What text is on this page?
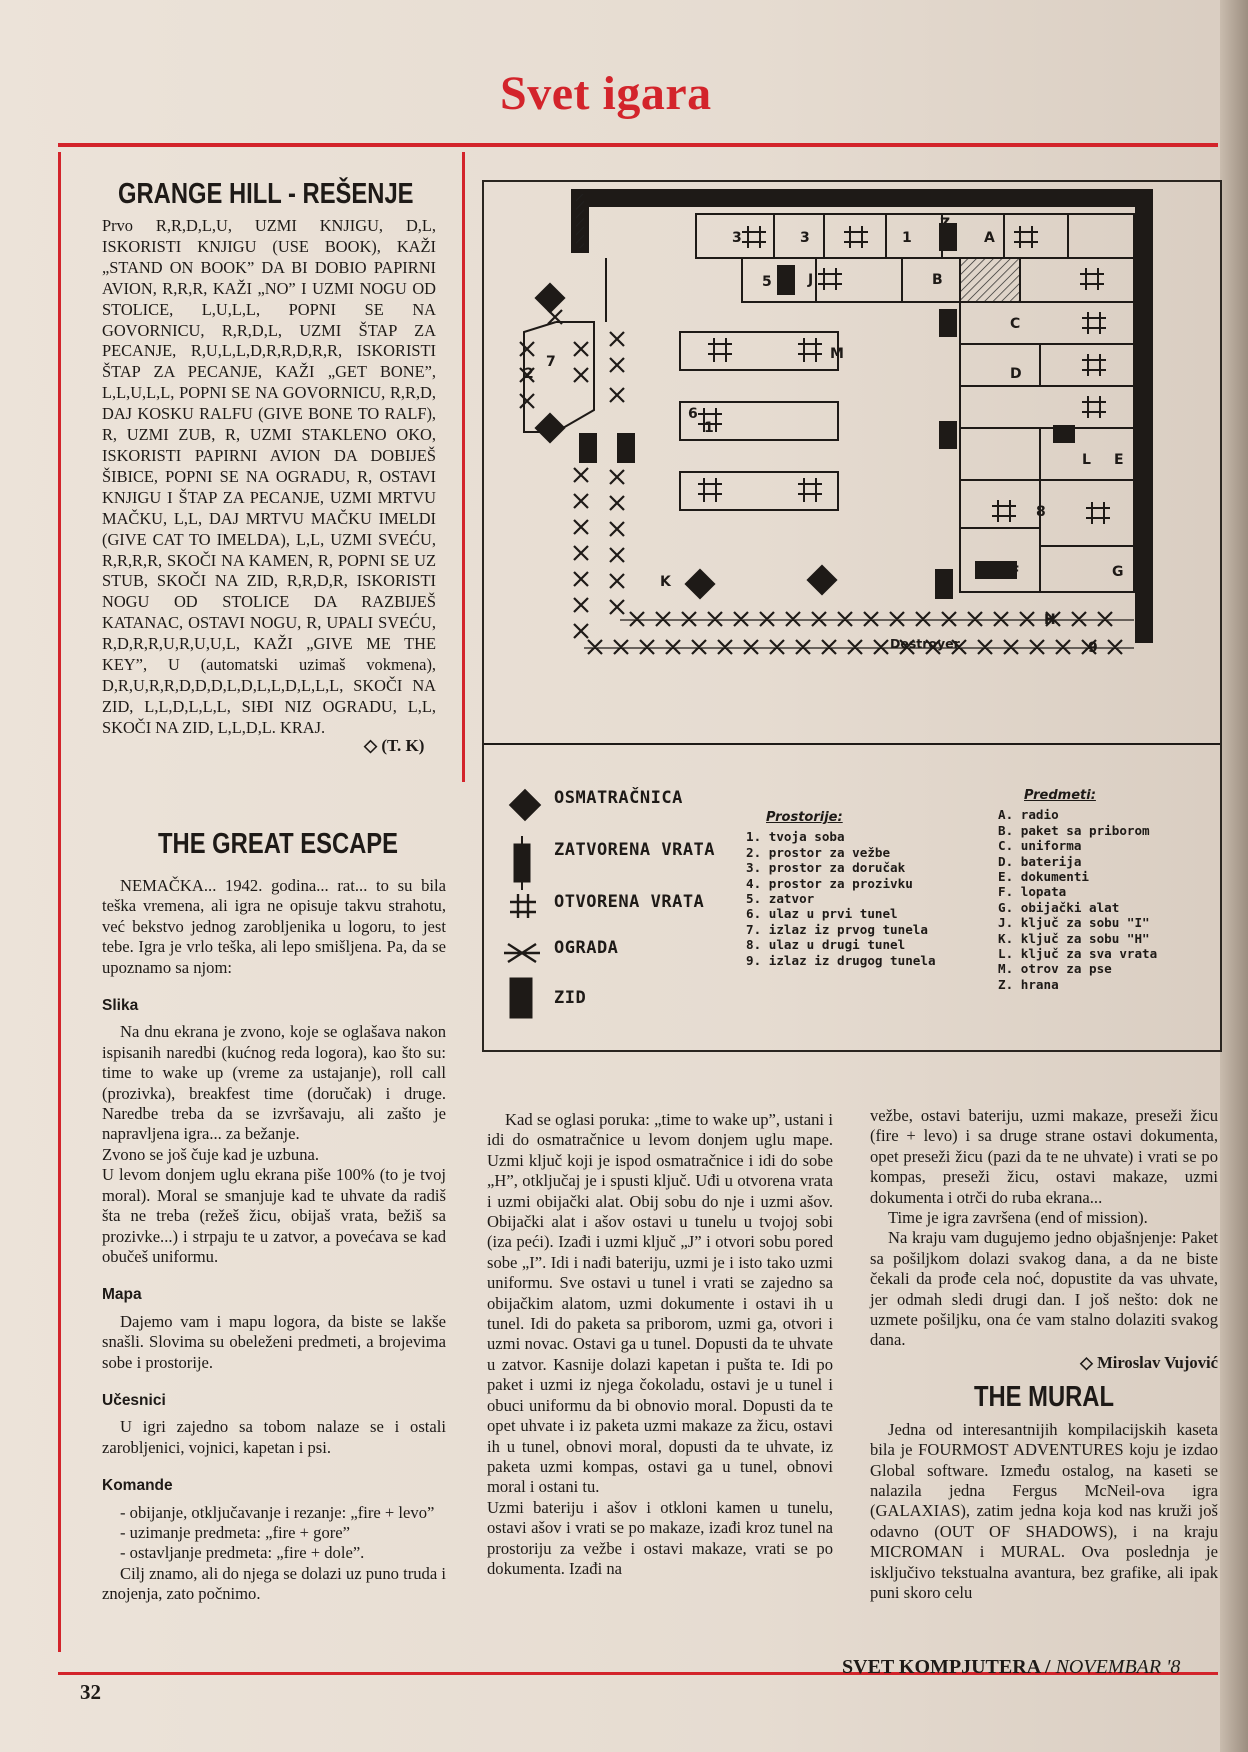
Svet igara
GRANGE HILL - REŠENJE
Prvo R,R,D,L,U, UZMI KNJIGU, D,L, ISKORISTI KNJIGU (USE BOOK), KAŽI „STAND ON BOOK” DA BI DOBIO PAPIRNI AVION, R,R,R, KAŽI „NO” I UZMI NOGU OD STOLICE, L,U,L,L, POPNI SE NA GOVORNICU, R,R,D,L, UZMI ŠTAP ZA PECANJE, R,U,L,L,D,R,R,D,R,R, ISKORISTI ŠTAP ZA PECANJE, KAŽI „GET BONE”, L,L,U,L,L, POPNI SE NA GOVORNICU, R,R,D, DAJ KOSKU RALFU (GIVE BONE TO RALF), R, UZMI ZUB, R, UZMI STAKLENO OKO, ISKORISTI PAPIRNI AVION DA DOBIJEŠ ŠIBICE, POPNI SE NA OGRADU, R, OSTAVI KNJIGU I ŠTAP ZA PECANJE, UZMI MRTVU MAČKU, L,L, DAJ MRTVU MAČKU IMELDI (GIVE CAT TO IMELDA), L,L, UZMI SVEĆU, R,R,R,R, SKOČI NA KAMEN, R, POPNI SE UZ STUB, SKOČI NA ZID, R,R,D,R, ISKORISTI NOGU OD STOLICE DA RAZBIJEŠ KATANAC, OSTAVI NOGU, R, UPALI SVEĆU, R,D,R,R,U,R,U,U,L, KAŽI „GIVE ME THE KEY”, U (automatski uzimaš vokmena), D,R,U,R,R,D,D,D,L,D,L,L,D,L,L,L, SKOČI NA ZID, L,L,D,L,L,L, SIĐI NIZ OGRADU, L,L, SKOČI NA ZID, L,L,D,L. KRAJ.
◇ (T. K)
THE GREAT ESCAPE

NEMAČKA... 1942. godina... rat... to su bila teška vremena, ali igra ne opisuje takvu strahotu, već bekstvo jednog zarobljenika u logoru, to jest tebe. Igra je vrlo teška, ali lepo smišljena. Pa, da se upoznamo sa njom:

Slika

Na dnu ekrana je zvono, koje se oglašava nakon ispisanih naredbi (kućnog reda logora), kao što su: time to wake up (vreme za ustajanje), roll call (prozivka), breakfest time (doručak) i druge. Naredbe treba da se izvršavaju, ali zašto je napravljena igra... za bežanje.

Zvono se još čuje kad je uzbuna.

U levom donjem uglu ekrana piše 100% (to je tvoj moral). Moral se smanjuje kad te uhvate da radiš šta ne treba (režeš žicu, obijaš vrata, bežiš sa prozivke...) i strpaju te u zatvor, a povećava se kad obučeš uniformu.

Mapa

Dajemo vam i mapu logora, da biste se lakše snašli. Slovima su obeleženi predmeti, a brojevima sobe i prostorije.

Učesnici

U igri zajedno sa tobom nalaze se i ostali zarobljenici, vojnici, kapetan i psi.

Komande

- obijanje, otključavanje i rezanje: „fire + levo”

- uzimanje predmeta: „fire + gore”

- ostavljanje predmeta: „fire + dole”.

Cilj znamo, ali do njega se dolazi uz puno truda i znojenja, zato počnimo.

Kad se oglasi poruka: „time to wake up”, ustani i idi do osmatračnice u levom donjem uglu mape. Uzmi ključ koji je ispod osmatračnice i idi do sobe „H”, otključaj je i spusti ključ. Uđi u otvorena vrata i uzmi obijački alat. Obij sobu do nje i uzmi ašov. Obijački alat i ašov ostavi u tunelu u tvojoj sobi (iza peći). Izađi i uzmi ključ „J” i otvori sobu pored sobe „I”. Idi i nađi bateriju, uzmi je i isto tako uzmi uniformu. Sve ostavi u tunel i vrati se zajedno sa obijačkim alatom, uzmi dokumente i ostavi ih u tunel. Idi do paketa sa priborom, uzmi ga, otvori i uzmi novac. Ostavi ga u tunel. Dopusti da te uhvate u zatvor. Kasnije dolazi kapetan i pušta te. Idi po paket i uzmi iz njega čokoladu, ostavi je u tunel i obuci uniformu da bi obnovio moral. Dopusti da te opet uhvate i iz paketa uzmi makaze za žicu, ostavi ih u tunel, obnovi moral, dopusti da te uhvate, iz paketa uzmi kompas, ostavi ga u tunel, obnovi moral i ostani tu.

Uzmi bateriju i ašov i otkloni kamen u tunelu, ostavi ašov i vrati se po makaze, izađi kroz tunel na prostoriju za vežbe i ostavi makaze, vrati se po dokumenta. Izađi na

vežbe, ostavi bateriju, uzmi makaze, preseži žicu (fire + levo) i sa druge strane ostavi dokumenta, opet preseži žicu (pazi da te ne uhvate) i vrati se po kompas, preseži žicu, ostavi makaze, uzmi dokumenta i otrči do ruba ekrana...

Time je igra završena (end of mission).

Na kraju vam dugujemo jedno objašnjenje: Paket sa pošiljkom dolazi svakog dana, a da ne biste čekali da prođe cela noć, dopustite da vas uhvate, jer odmah sledi drugi dan. I još nešto: dok ne uzmete pošiljku, ona će vam stalno dolaziti svakog dana.

◇ Miroslav Vujović
THE MURAL

Jedna od interesantnijih kompilacijskih kaseta bila je FOURMOST ADVENTURES koju je izdao Global software. Između ostalog, na kaseti se nalazila jedna Fergus McNeil-ova igra (GALAXIAS), zatim jedna koja kod nas kruži još odavno (OUT OF SHADOWS), i na kraju MICROMAN i MURAL. Ova poslednja je isključivo tekstualna avantura, bez grafike, ali ipak puni skoro celu

3	3	1
Z
A
5	J	B
C
M
D
2
7
6
1
L E
8
K
F	G
H
9
Destroyer
OSMATRAČNICA
ZATVORENA VRATA
OTVORENA VRATA
OGRADA
ZID
Prostorije:
1. tvoja soba
2. prostor za vežbe
3. prostor za doručak
4. prostor za prozivku
5. zatvor
6. ulaz u prvi tunel
7. izlaz iz prvog tunela
8. ulaz u drugi tunel
9. izlaz iz drugog tunela
Predmeti:
A. radio
B. paket sa priborom
C. uniforma
D. baterija
E. dokumenti
F. lopata
G. obijački alat
J. ključ za sobu "I"
K. ključ za sobu "H"
L. ključ za sva vrata
M. otrov za pse
Z. hrana
32
SVET KOMPJUTERA / NOVEMBAR '8
